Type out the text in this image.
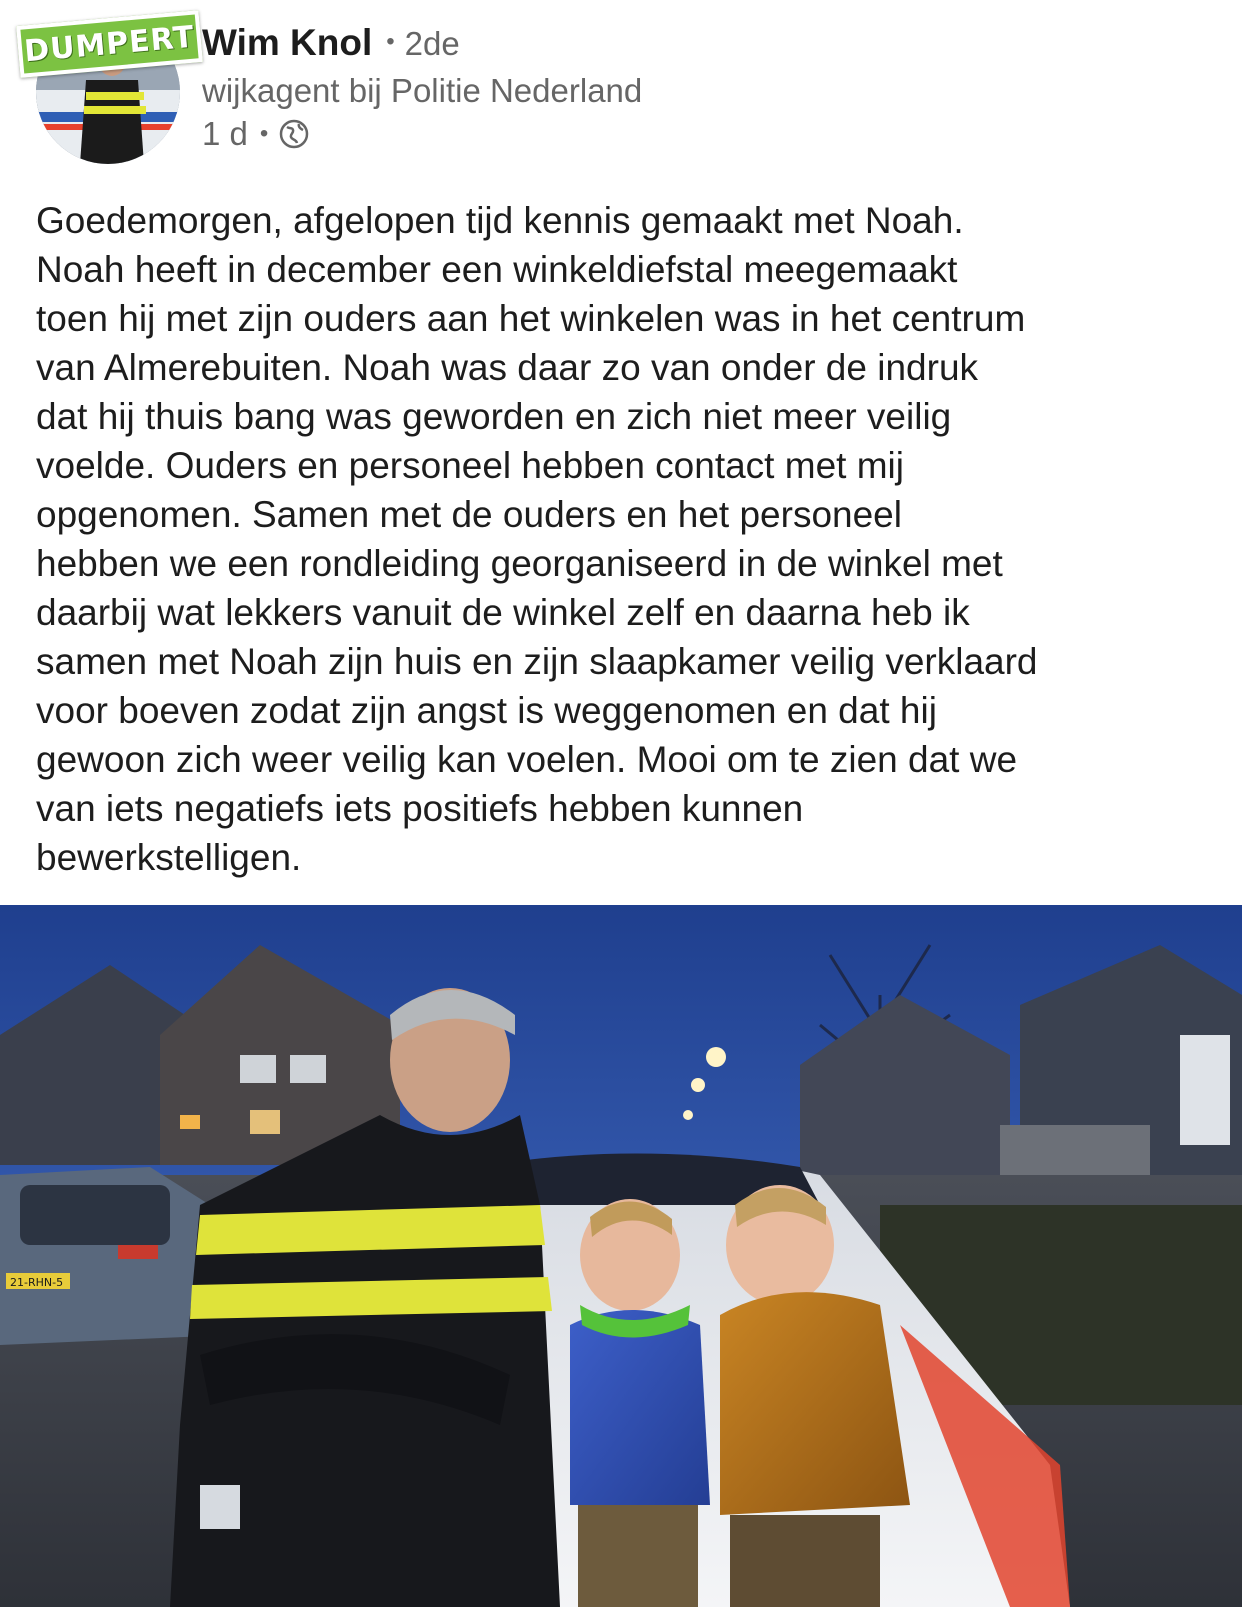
DUMPERT Wim Knol • 2de
wijkagent bij Politie Nederland
1 d •
Goedemorgen, afgelopen tijd kennis gemaakt met Noah.
Noah heeft in december een winkeldiefstal meegemaakt
toen hij met zijn ouders aan het winkelen was in het centrum
van Almerebuiten. Noah was daar zo van onder de indruk
dat hij thuis bang was geworden en zich niet meer veilig
voelde. Ouders en personeel hebben contact met mij
opgenomen. Samen met de ouders en het personeel
hebben we een rondleiding georganiseerd in de winkel met
daarbij wat lekkers vanuit de winkel zelf en daarna heb ik
samen met Noah zijn huis en zijn slaapkamer veilig verklaard
voor boeven zodat zijn angst is weggenomen en dat hij
gewoon zich weer veilig kan voelen. Mooi om te zien dat we
van iets negatiefs iets positiefs hebben kunnen
bewerkstelligen.
21-RHN-5
